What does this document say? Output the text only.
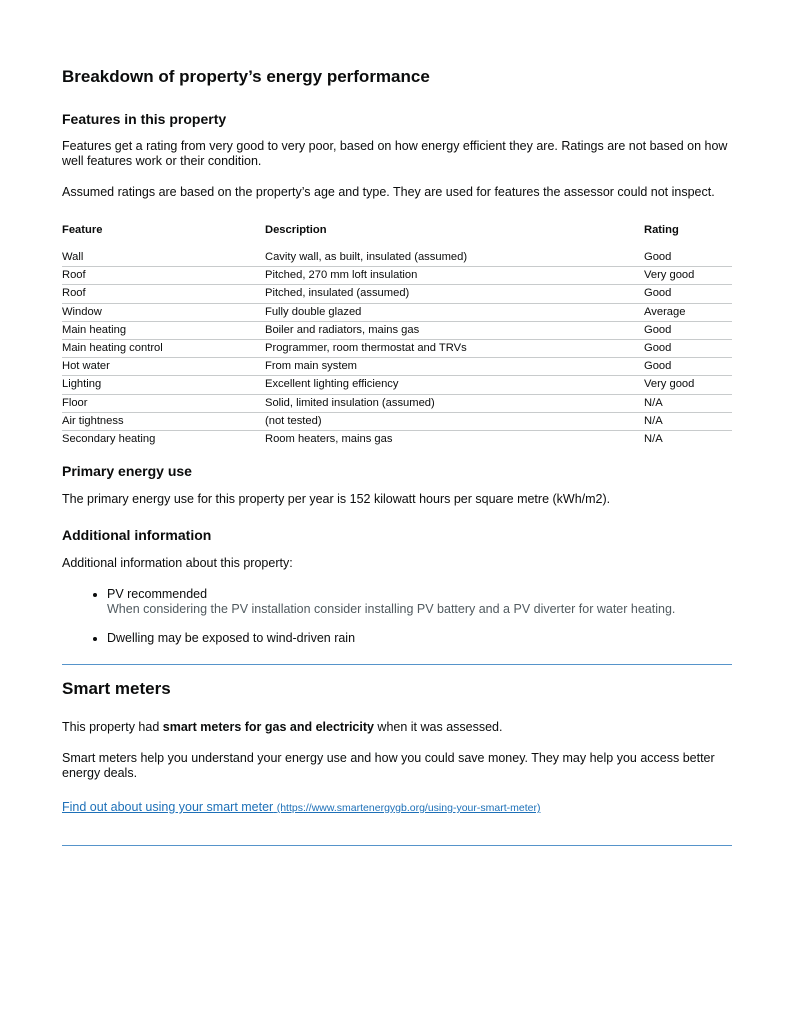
Breakdown of property’s energy performance
Features in this property

Features get a rating from very good to very poor, based on how energy efficient they are. Ratings are not based on how well features work or their condition.

Assumed ratings are based on the property’s age and type. They are used for features the assessor could not inspect.

Feature	Description	Rating
Wall	Cavity wall, as built, insulated (assumed)	Good
Roof	Pitched, 270 mm loft insulation	Very good
Roof	Pitched, insulated (assumed)	Good
Window	Fully double glazed	Average
Main heating	Boiler and radiators, mains gas	Good
Main heating control	Programmer, room thermostat and TRVs	Good
Hot water	From main system	Good
Lighting	Excellent lighting efficiency	Very good
Floor	Solid, limited insulation (assumed)	N/A
Air tightness	(not tested)	N/A
Secondary heating	Room heaters, mains gas	N/A
Primary energy use

The primary energy use for this property per year is 152 kilowatt hours per square metre (kWh/m2).

Additional information

Additional information about this property:

• PV recommended
When considering the PV installation consider installing PV battery and a PV diverter for water heating.
• Dwelling may be exposed to wind-driven rain
Smart meters

This property had smart meters for gas and electricity when it was assessed.

Smart meters help you understand your energy use and how you could save money. They may help you access better energy deals.

Find out about using your smart meter (https://www.smartenergygb.org/using-your-smart-meter)
